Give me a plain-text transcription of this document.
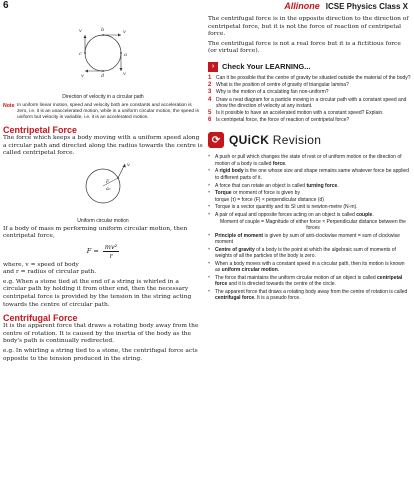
6	Allinone ICSE Physics Class X
v
b
v
c	a
v	d	v
Direction of velocity in a circular path
Note In uniform linear motion, speed and velocity both are constants and acceleration is zero, i.e. it is an unaccelerated motion, while in a uniform circular motion, the speed is uniform but velocity is variable, i.e. it is an accelerated motion.
Centripetal Force
The force which keeps a body moving with a uniform speed along a circular path and directed along the radius towards the centre is called centripetal force.
v
F
a₀
Uniform circular motion
If a body of mass m performing uniform circular motion, then centripetal force,
$F = \frac{\text{mv²}}{r}$
where, v = speed of body
and r = radius of circular path.
e.g. When a stone tied at the end of a string is whirled in a circular path by holding it from other end, then the necessary centripetal force is provided by the tension in the string acting towards the centre of circular path.
Centrifugal Force
It is the apparent force that draws a rotating body away from the centre of rotation. It is caused by the inertia of the body as the body's path is continually redirected.
e.g. In whirling a string tied to a stone, the centrifugal force acts opposite to the tension produced in the string.
The centrifugal force is in the opposite direction to the direction of centripetal force, but it is not the force of reaction of centripetal force.
The centrifugal force is not a real force but it is a fictitious force (or virtual force).
›	Check Your LEARNING...
1 Can it be possible that the centre of gravity be situated outside the material of the body?
2 What is the position of centre of gravity of triangular lamina?
3 Why is the motion of a circulating fan non-uniform?
4 Draw a neat diagram for a particle moving in a circular path with a constant speed and show the direction of velocity at any instant.
5 Is it possible to have an accelerated motion with a constant speed? Explain.
6 Is centripetal force, the force of reaction of centripetal force?
⟳ QUiCK Revision
• A push or pull which changes the state of rest or of uniform motion or the direction of motion of a body is called force.
• A rigid body is the one whose size and shape remains same whatever force be applied to different parts of it.
• A force that can rotate an object is called turning force.
• Torque or moment of force is given by
torque (τ) = force (F) × perpendicular distance (d)
• Torque is a vector quantity and its SI unit is newton-metre (N-m).
• A pair of equal and opposite forces acting on an object is called couple.
Moment of couple = Magnitude of either force × Perpendicular distance between the forces
• Principle of moment is given by sum of anti-clockwise moment = sum of clockwise moment
• Centre of gravity of a body is the point at which the algebraic sum of moments of weights of all the particles of the body is zero.
• When a body moves with a constant speed in a circular path, then its motion is known as uniform circular motion.
• The force that maintains the uniform circular motion of an object is called centripetal force and it is directed towards the centre of the circle.
• The apparent force that draws a rotating body away from the centre of rotation is called centrifugal force. It is a pseudo force.
